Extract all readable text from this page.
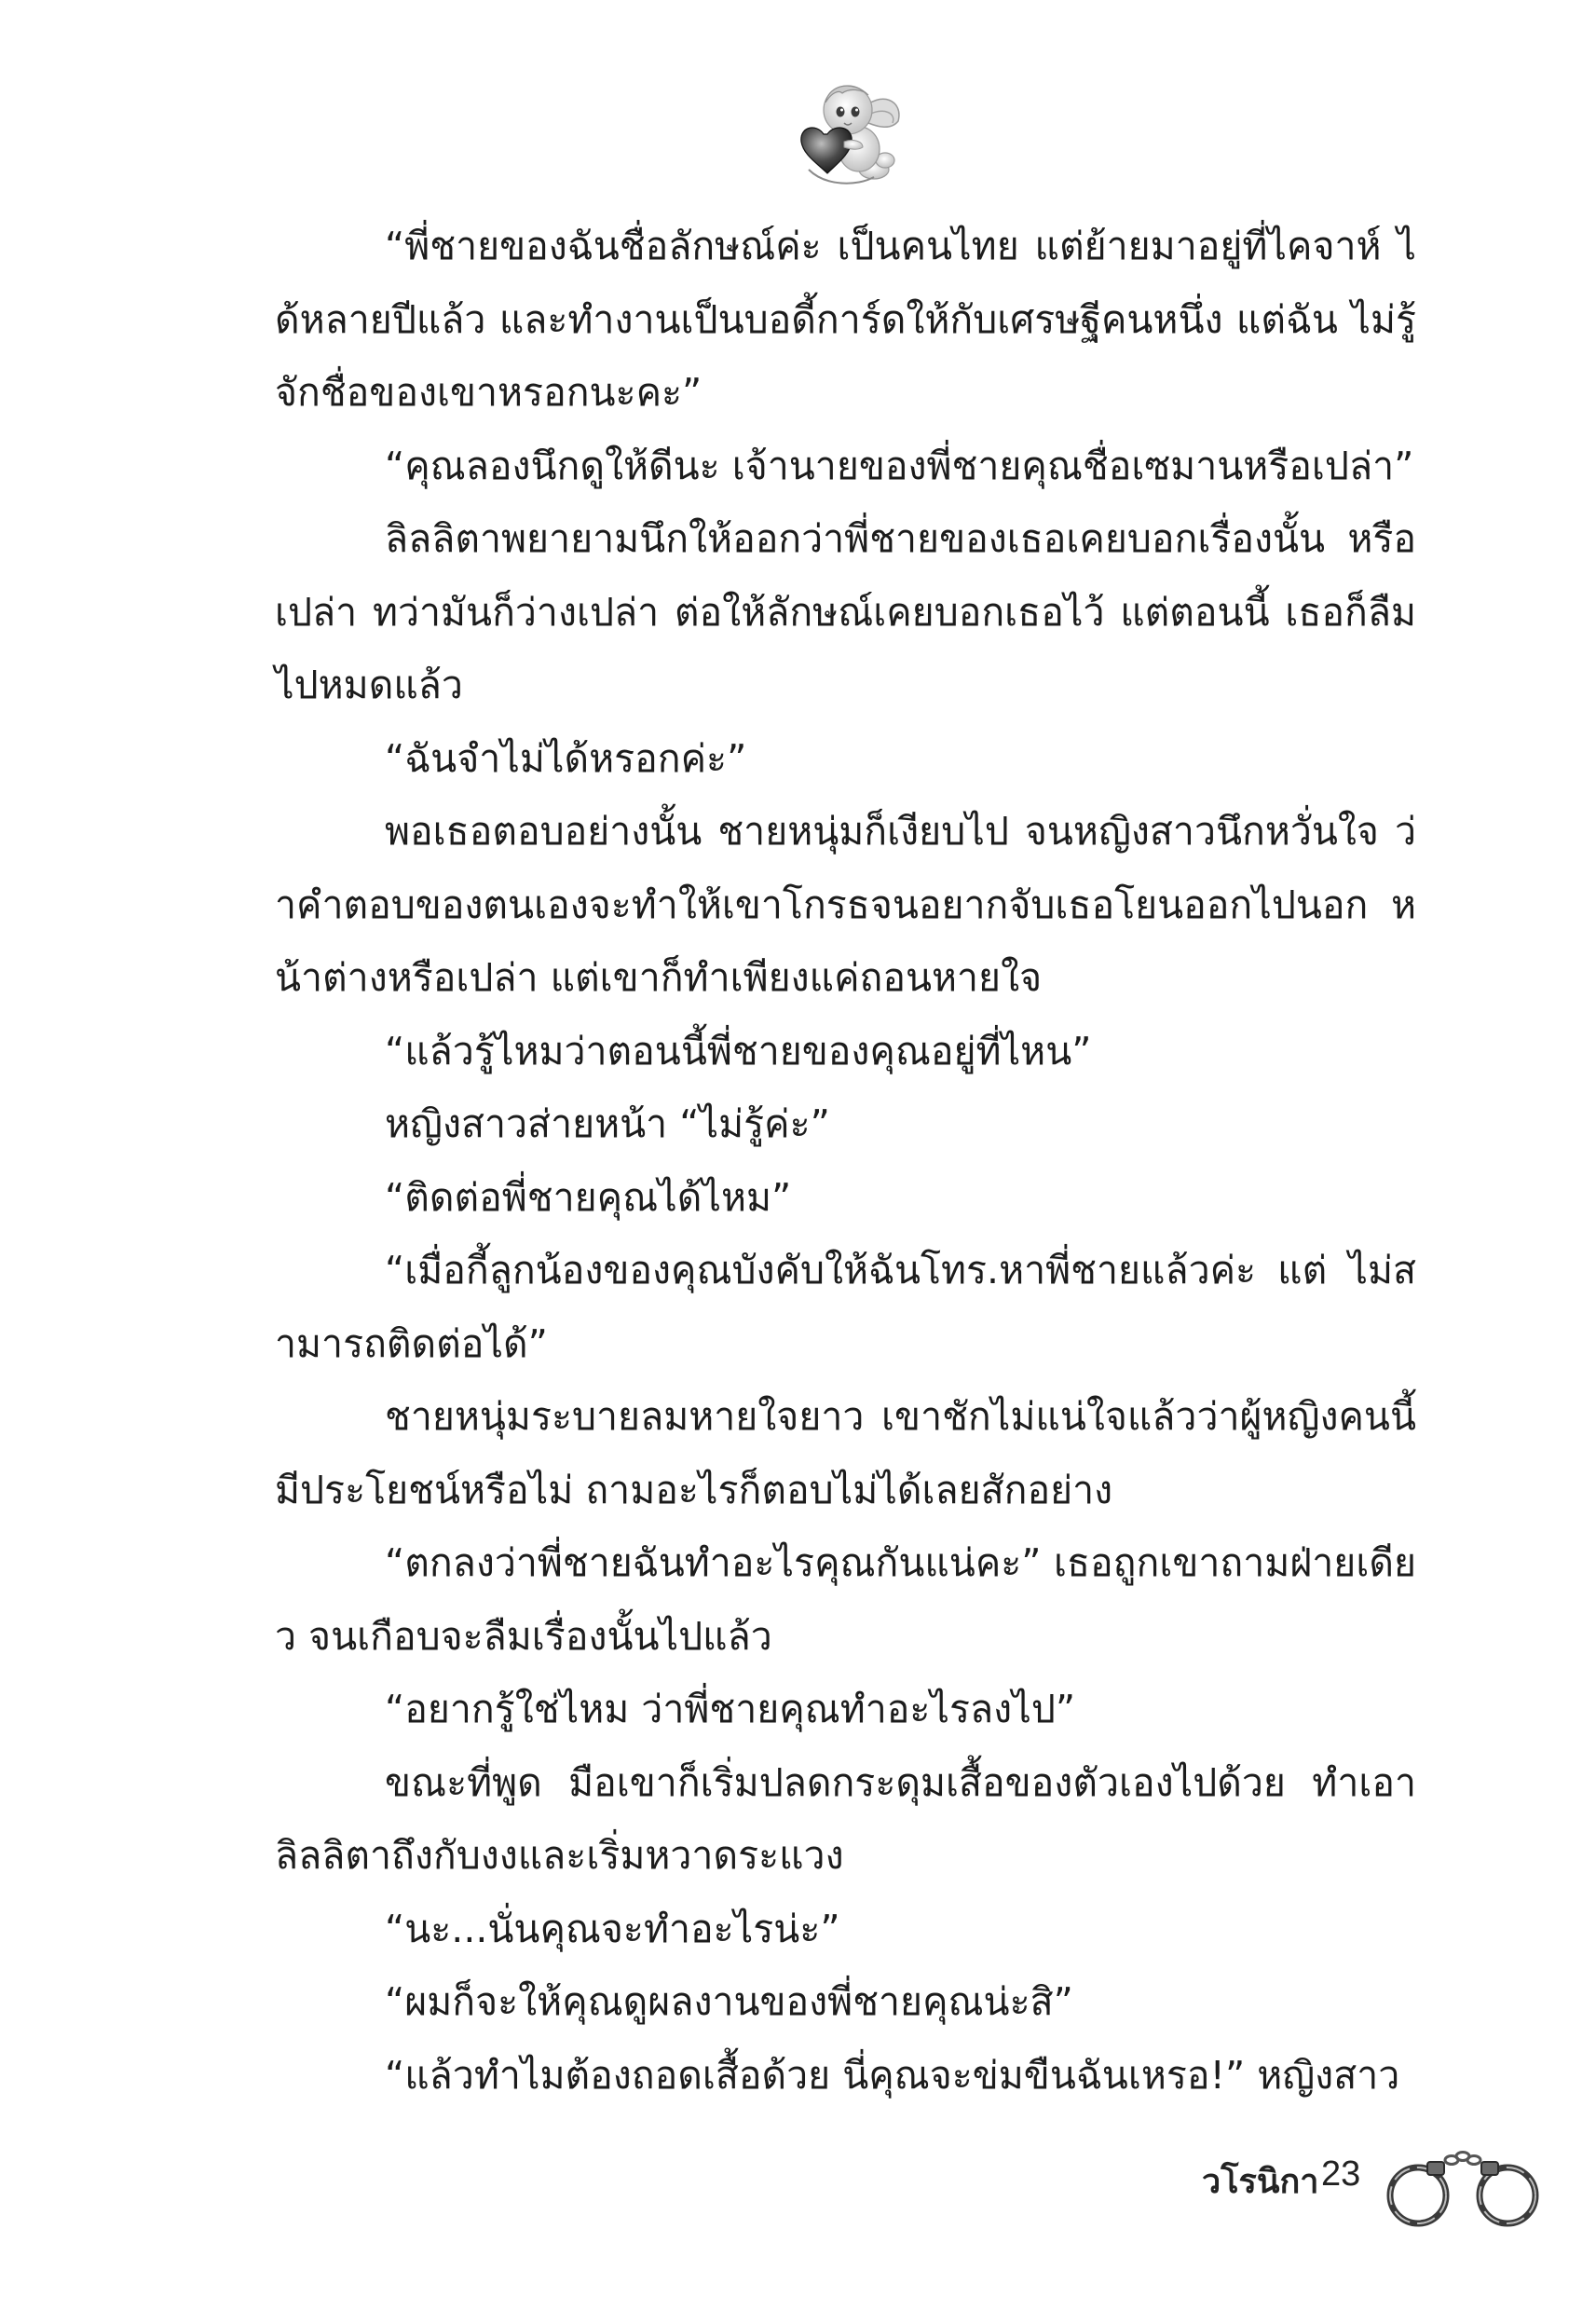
“พี่ชายของฉันชื่อลักษณ์ค่ะ เป็นคนไทย แต่ย้ายมาอยู่ที่ไคจาห์ ได้หลายปีแล้ว และทำงานเป็นบอดี้การ์ดให้กับเศรษฐีคนหนึ่ง แต่ฉัน ไม่รู้จักชื่อของเขาหรอกนะคะ”

“คุณลองนึกดูให้ดีนะ เจ้านายของพี่ชายคุณชื่อเซมานหรือเปล่า”

ลิลลิตาพยายามนึกให้ออกว่าพี่ชายของเธอเคยบอกเรื่องนั้น หรือเปล่า ทว่ามันก็ว่างเปล่า ต่อให้ลักษณ์เคยบอกเธอไว้ แต่ตอนนี้ เธอก็ลืมไปหมดแล้ว

“ฉันจำไม่ได้หรอกค่ะ”

พอเธอตอบอย่างนั้น ชายหนุ่มก็เงียบไป จนหญิงสาวนึกหวั่นใจ ว่าคำตอบของตนเองจะทำให้เขาโกรธจนอยากจับเธอโยนออกไปนอก หน้าต่างหรือเปล่า แต่เขาก็ทำเพียงแค่ถอนหายใจ

“แล้วรู้ไหมว่าตอนนี้พี่ชายของคุณอยู่ที่ไหน”

หญิงสาวส่ายหน้า “ไม่รู้ค่ะ”

“ติดต่อพี่ชายคุณได้ไหม”

“เมื่อกี้ลูกน้องของคุณบังคับให้ฉันโทร.หาพี่ชายแล้วค่ะ แต่ ไม่สามารถติดต่อได้”

ชายหนุ่มระบายลมหายใจยาว เขาชักไม่แน่ใจแล้วว่าผู้หญิงคนนี้ มีประโยชน์หรือไม่ ถามอะไรก็ตอบไม่ได้เลยสักอย่าง

“ตกลงว่าพี่ชายฉันทำอะไรคุณกันแน่คะ” เธอถูกเขาถามฝ่ายเดียว จนเกือบจะลืมเรื่องนั้นไปแล้ว

“อยากรู้ใช่ไหม ว่าพี่ชายคุณทำอะไรลงไป”

ขณะที่พูด มือเขาก็เริ่มปลดกระดุมเสื้อของตัวเองไปด้วย ทำเอา ลิลลิตาถึงกับงงและเริ่มหวาดระแวง

“นะ...นั่นคุณจะทำอะไรน่ะ”

“ผมก็จะให้คุณดูผลงานของพี่ชายคุณน่ะสิ”

“แล้วทำไมต้องถอดเสื้อด้วย นี่คุณจะข่มขืนฉันเหรอ!” หญิงสาว

วโรนิกา 23
